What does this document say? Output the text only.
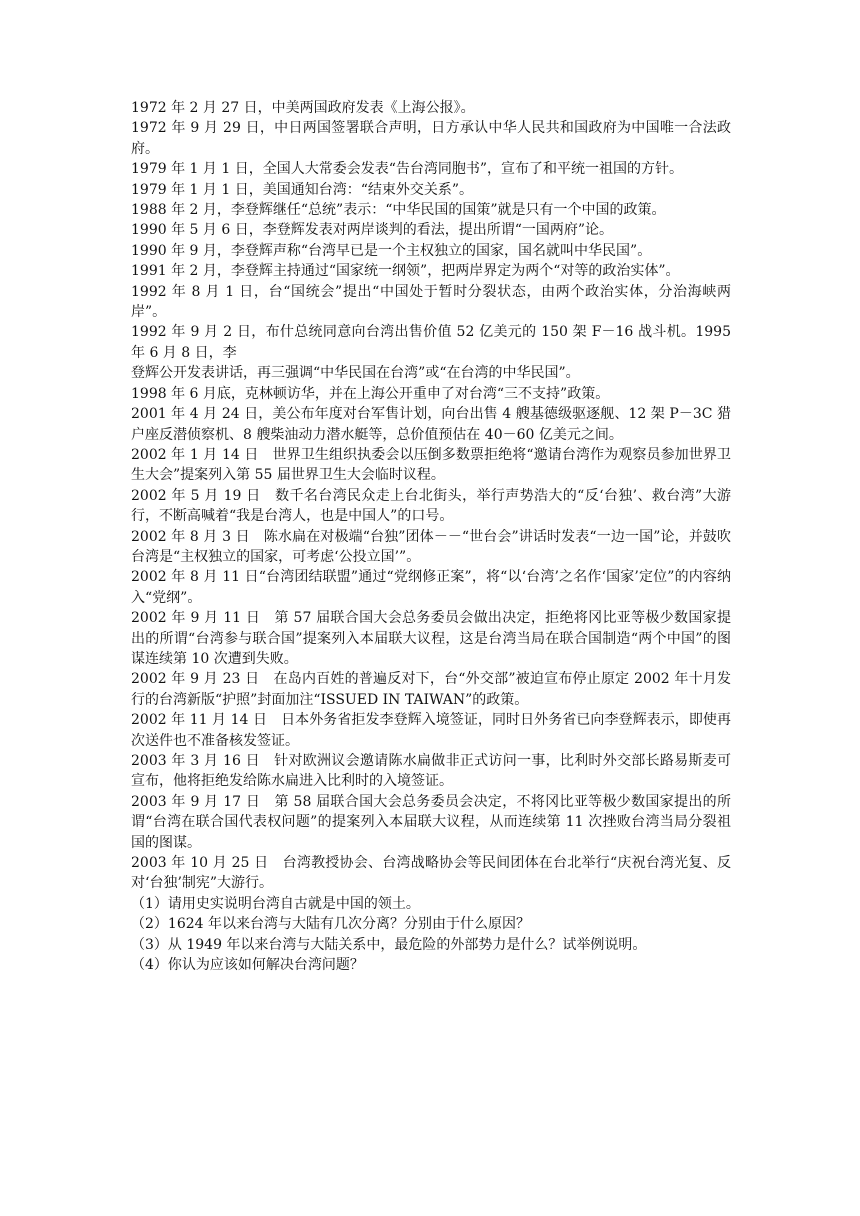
1972 年 2 月 27 日，中美两国政府发表《上海公报》。
1972 年 9 月 29 日，中日两国签署联合声明，日方承认中华人民共和国政府为中国唯一合法政府。
1979 年 1 月 1 日，全国人大常委会发表“告台湾同胞书”，宣布了和平统一祖国的方针。
1979 年 1 月 1 日，美国通知台湾：“结束外交关系”。
1988 年 2 月，李登辉继任“总统”表示：“中华民国的国策”就是只有一个中国的政策。
1990 年 5 月 6 日，李登辉发表对两岸谈判的看法，提出所谓“一国两府”论。
1990 年 9 月，李登辉声称“台湾早已是一个主权独立的国家，国名就叫中华民国”。
1991 年 2 月，李登辉主持通过“国家统一纲领”，把两岸界定为两个“对等的政治实体”。
1992 年 8 月 1 日，台“国统会”提出“中国处于暂时分裂状态，由两个政治实体，分治海峡两岸”。
1992 年 9 月 2 日，布什总统同意向台湾出售价值 52 亿美元的 150 架 F－16 战斗机。1995 年 6 月 8 日，李
登辉公开发表讲话，再三强调“中华民国在台湾”或“在台湾的中华民国”。
1998 年 6 月底，克林顿访华，并在上海公开重申了对台湾“三不支持”政策。
2001 年 4 月 24 日，美公布年度对台军售计划，向台出售 4 艘基德级驱逐舰、12 架 P－3C 猎户座反潜侦察机、8 艘柴油动力潜水艇等，总价值预估在 40－60 亿美元之间。
2002 年 1 月 14 日　世界卫生组织执委会以压倒多数票拒绝将“邀请台湾作为观察员参加世界卫生大会”提案列入第 55 届世界卫生大会临时议程。
2002 年 5 月 19 日　数千名台湾民众走上台北街头，举行声势浩大的“反‘台独’、救台湾”大游行，不断高喊着“我是台湾人，也是中国人”的口号。
2002 年 8 月 3 日　陈水扁在对极端“台独”团体－－“世台会”讲话时发表“一边一国”论，并鼓吹台湾是“主权独立的国家，可考虑‘公投立国’”。
2002 年 8 月 11 日“台湾团结联盟”通过“党纲修正案”，将“以‘台湾’之名作‘国家’定位”的内容纳入“党纲”。
2002 年 9 月 11 日　第 57 届联合国大会总务委员会做出决定，拒绝将冈比亚等极少数国家提出的所谓“台湾参与联合国”提案列入本届联大议程，这是台湾当局在联合国制造“两个中国”的图谋连续第 10 次遭到失败。
2002 年 9 月 23 日　在岛内百姓的普遍反对下，台“外交部”被迫宣布停止原定 2002 年十月发行的台湾新版“护照”封面加注“ISSUED IN TAIWAN”的政策。
2002 年 11 月 14 日　日本外务省拒发李登辉入境签证，同时日外务省已向李登辉表示，即使再次送件也不准备核发签证。
2003 年 3 月 16 日　针对欧洲议会邀请陈水扁做非正式访问一事，比利时外交部长路易斯麦可宣布，他将拒绝发给陈水扁进入比利时的入境签证。
2003 年 9 月 17 日　第 58 届联合国大会总务委员会决定，不将冈比亚等极少数国家提出的所谓“台湾在联合国代表权问题”的提案列入本届联大议程，从而连续第 11 次挫败台湾当局分裂祖国的图谋。
2003 年 10 月 25 日　台湾教授协会、台湾战略协会等民间团体在台北举行“庆祝台湾光复、反对‘台独’制宪”大游行。
（1）请用史实说明台湾自古就是中国的领土。
（2）1624 年以来台湾与大陆有几次分离？分别由于什么原因？
（3）从 1949 年以来台湾与大陆关系中，最危险的外部势力是什么？试举例说明。
（4）你认为应该如何解决台湾问题？
